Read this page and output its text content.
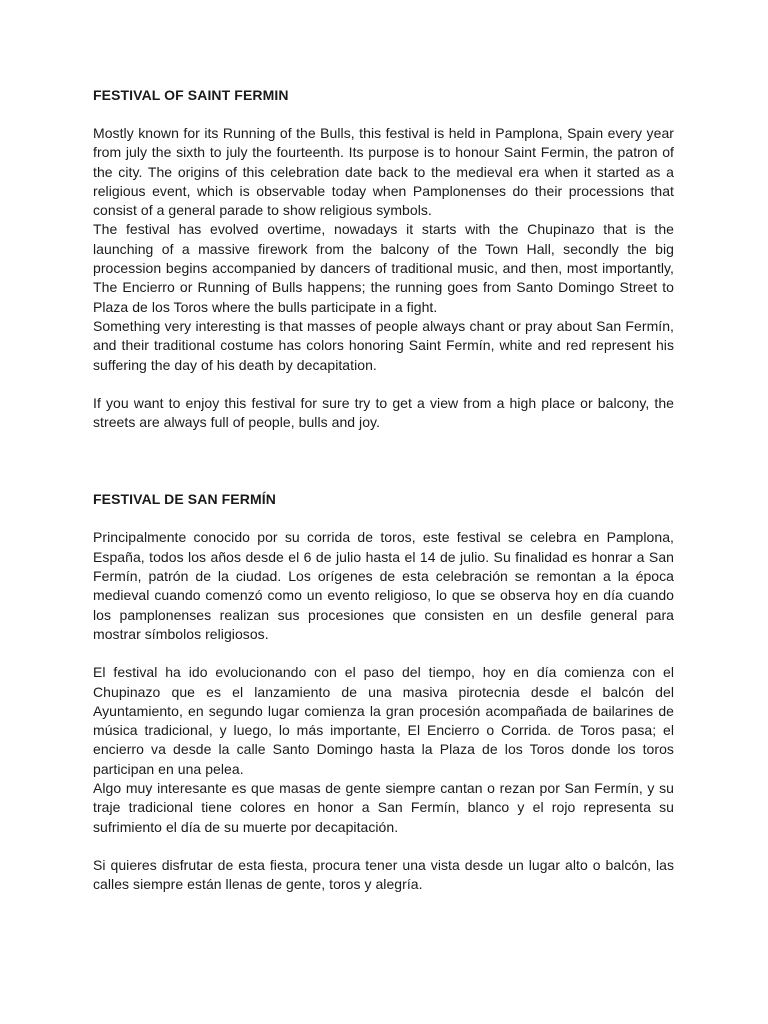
FESTIVAL OF SAINT FERMIN

Mostly known for its Running of the Bulls, this festival is held in Pamplona, Spain every year from july the sixth to july the fourteenth. Its purpose is to honour Saint Fermin, the patron of the city. The origins of this celebration date back to the medieval era when it started as a religious event, which is observable today when Pamplonenses do their processions that consist of a general parade to show religious symbols.

The festival has evolved overtime, nowadays it starts with the Chupinazo that is the launching of a massive firework from the balcony of the Town Hall, secondly the big procession begins accompanied by dancers of traditional music, and then, most importantly, The Encierro or Running of Bulls happens; the running goes from Santo Domingo Street to Plaza de los Toros where the bulls participate in a fight.

Something very interesting is that masses of people always chant or pray about San Fermín, and their traditional costume has colors honoring Saint Fermín, white and red represent his suffering the day of his death by decapitation.

If you want to enjoy this festival for sure try to get a view from a high place or balcony, the streets are always full of people, bulls and joy.

FESTIVAL DE SAN FERMÍN

Principalmente conocido por su corrida de toros, este festival se celebra en Pamplona, España, todos los años desde el 6 de julio hasta el 14 de julio. Su finalidad es honrar a San Fermín, patrón de la ciudad. Los orígenes de esta celebración se remontan a la época medieval cuando comenzó como un evento religioso, lo que se observa hoy en día cuando los pamplonenses realizan sus procesiones que consisten en un desfile general para mostrar símbolos religiosos.

El festival ha ido evolucionando con el paso del tiempo, hoy en día comienza con el Chupinazo que es el lanzamiento de una masiva pirotecnia desde el balcón del Ayuntamiento, en segundo lugar comienza la gran procesión acompañada de bailarines de música tradicional, y luego, lo más importante, El Encierro o Corrida. de Toros pasa; el encierro va desde la calle Santo Domingo hasta la Plaza de los Toros donde los toros participan en una pelea.

Algo muy interesante es que masas de gente siempre cantan o rezan por San Fermín, y su traje tradicional tiene colores en honor a San Fermín, blanco y el rojo representa su sufrimiento el día de su muerte por decapitación.

Si quieres disfrutar de esta fiesta, procura tener una vista desde un lugar alto o balcón, las calles siempre están llenas de gente, toros y alegría.
